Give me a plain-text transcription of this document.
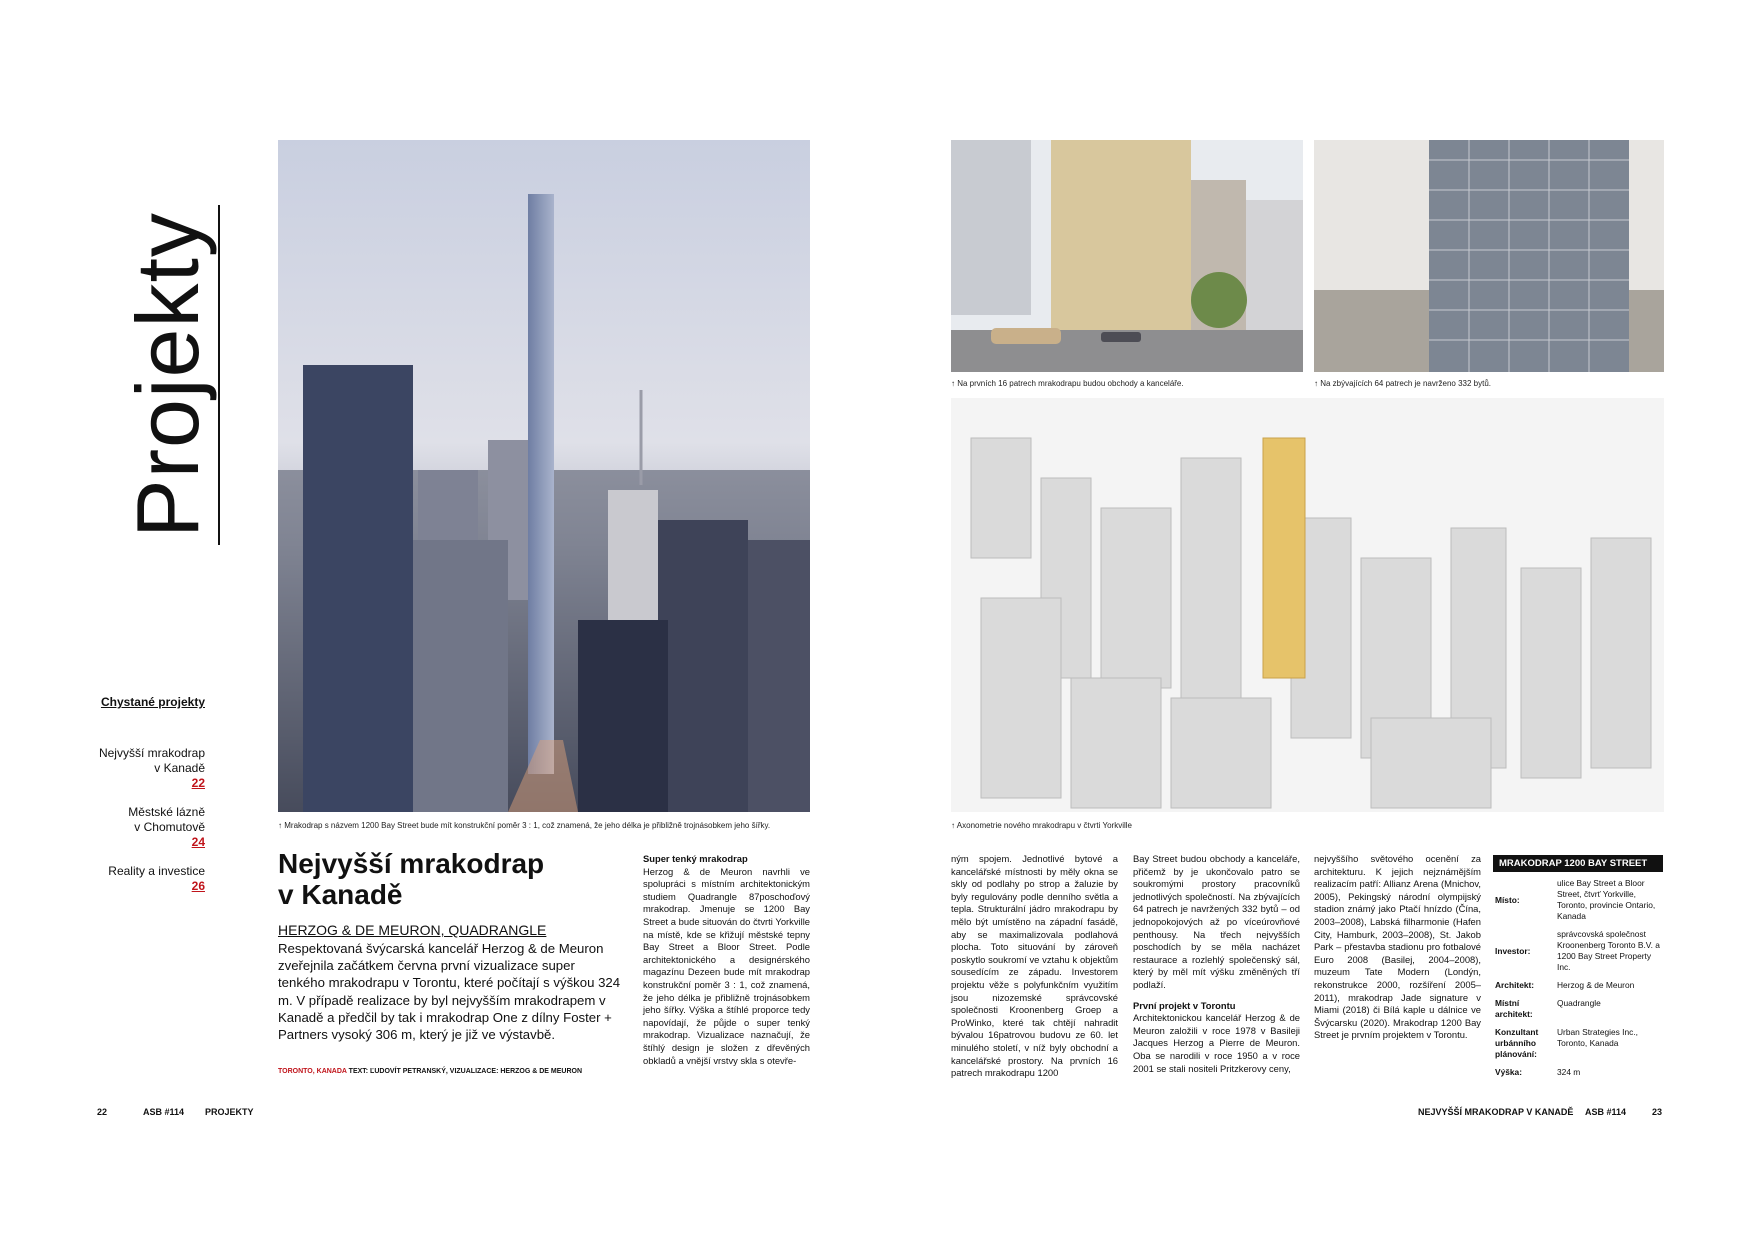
Projekty
Chystané projekty
Nejvyšší mrakodrap
v Kanadě
22
Městské lázně
v Chomutově
24
Reality a investice
26
↑ Mrakodrap s názvem 1200 Bay Street bude mít konstrukční poměr 3 : 1, což znamená, že jeho délka je přibližně trojnásobkem jeho šířky.
↑ Na prvních 16 patrech mrakodrapu budou obchody a kanceláře.	↑ Na zbývajících 64 patrech je navrženo 332 bytů.
↑ Axonometrie nového mrakodrapu v čtvrti Yorkville
Nejvyšší mrakodrap
v Kanadě
HERZOG & DE MEURON, QUADRANGLE
Respektovaná švýcarská kancelář Herzog & de Meuron zveřejnila začátkem června první vizualizace super tenkého mrakodrapu v Torontu, které počítají s výškou 324 m. V případě realizace by byl nejvyšším mrakodrapem v Kanadě a předčil by tak i mrakodrap One z dílny Foster + Partners vysoký 306 m, který je již ve výstavbě.
TORONTO, KANADA TEXT: ĽUDOVÍT PETRANSKÝ, VIZUALIZACE: HERZOG & DE MEURON
Super tenký mrakodrap
Herzog & de Meuron navrhli ve spolupráci s místním architektonickým studiem Quadrangle 87poschoďový mrakodrap. Jmenuje se 1200 Bay Street a bude situován do čtvrti Yorkville na místě, kde se křižují městské tepny Bay Street a Bloor Street. Podle architektonického a designérského magazínu Dezeen bude mít mrakodrap konstrukční poměr 3 : 1, což znamená, že jeho délka je přibližně trojnásobkem jeho šířky. Výška a štíhlé proporce tedy napovídají, že půjde o super tenký mrakodrap. Vizualizace naznačují, že štíhlý design je složen z dřevěných obkladů a vnější vrstvy skla s otevře-
ným spojem. Jednotlivé bytové a kancelářské místnosti by měly okna se skly od podlahy po strop a žaluzie by byly regulovány podle denního světla a tepla. Strukturální jádro mrakodrapu by mělo být umístěno na západní fasádě, aby se maximalizovala podlahová plocha. Toto situování by zároveň poskytlo soukromí ve vztahu k objektům sousedícím ze západu. Investorem projektu věže s polyfunkčním využitím jsou nizozemské správcovské společnosti Kroonenberg Groep a ProWinko, které tak chtějí nahradit bývalou 16patrovou budovu ze 60. let minulého století, v níž byly obchodní a kancelářské prostory. Na prvních 16 patrech mrakodrapu 1200
Bay Street budou obchody a kanceláře, přičemž by je ukončovalo patro se soukromými prostory pracovníků jednotlivých společností. Na zbývajících 64 patrech je navržených 332 bytů – od jednopokojových až po víceúrovňové penthousy. Na třech nejvyšších poschodích by se měla nacházet restaurace a rozlehlý společenský sál, který by měl mít výšku změněných tří podlaží.
První projekt v Torontu
Architektonickou kancelář Herzog & de Meuron založili v roce 1978 v Basileji Jacques Herzog a Pierre de Meuron. Oba se narodili v roce 1950 a v roce 2001 se stali nositeli Pritzkerovy ceny,
nejvyššího světového ocenění za architekturu. K jejich nejznámějším realizacím patří: Allianz Arena (Mnichov, 2005), Pekingský národní olympijský stadion známý jako Ptačí hnízdo (Čína, 2003–2008), Labská filharmonie (Hafen City, Hamburk, 2003–2008), St. Jakob Park – přestavba stadionu pro fotbalové Euro 2008 (Basilej, 2004–2008), muzeum Tate Modern (Londýn, rekonstrukce 2000, rozšíření 2005–2011), mrakodrap Jade signature v Miami (2018) či Bílá kaple u dálnice ve Švýcarsku (2020). Mrakodrap 1200 Bay Street je prvním projektem v Torontu.
MRAKODRAP 1200 BAY STREET
Místo:	ulice Bay Street a Bloor Street, čtvrť Yorkville, Toronto, provincie Ontario, Kanada
Investor:	správcovská společnost Kroonenberg Toronto B.V. a 1200 Bay Street Property Inc.
Architekt:	Herzog & de Meuron
Místní architekt:	Quadrangle
Konzultant urbánního plánování:	Urban Strategies Inc., Toronto, Kanada
Výška:	324 m
22	ASB #114 PROJEKTY	NEJVYŠŠÍ MRAKODRAP V KANADĚ ASB #114	23
